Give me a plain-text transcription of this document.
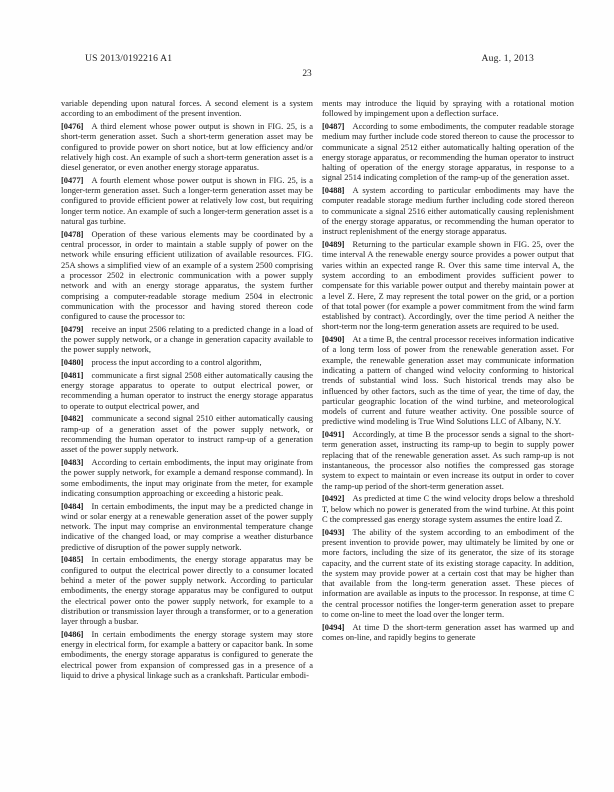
US 2013/0192216 A1	Aug. 1, 2013
23

variable depending upon natural forces. A second element is a system according to an embodiment of the present invention.

[0476] A third element whose power output is shown in FIG. 25, is a short-term generation asset. Such a short-term generation asset may be configured to provide power on short notice, but at low efficiency and/or relatively high cost. An example of such a short-term generation asset is a diesel generator, or even another energy storage apparatus.

[0477] A fourth element whose power output is shown in FIG. 25, is a longer-term generation asset. Such a longer-term generation asset may be configured to provide efficient power at relatively low cost, but requiring longer term notice. An example of such a longer-term generation asset is a natural gas turbine.

[0478] Operation of these various elements may be coordinated by a central processor, in order to maintain a stable supply of power on the network while ensuring efficient utilization of available resources. FIG. 25A shows a simplified view of an example of a system 2500 comprising a processor 2502 in electronic communication with a power supply network and with an energy storage apparatus, the system further comprising a computer-readable storage medium 2504 in electronic communication with the processor and having stored thereon code configured to cause the processor to:

[0479] receive an input 2506 relating to a predicted change in a load of the power supply network, or a change in generation capacity available to the power supply network,

[0480] process the input according to a control algorithm,

[0481] communicate a first signal 2508 either automatically causing the energy storage apparatus to operate to output electrical power, or recommending a human operator to instruct the energy storage apparatus to operate to output electrical power, and

[0482] communicate a second signal 2510 either automatically causing ramp-up of a generation asset of the power supply network, or recommending the human operator to instruct ramp-up of a generation asset of the power supply network.

[0483] According to certain embodiments, the input may originate from the power supply network, for example a demand response command). In some embodiments, the input may originate from the meter, for example indicating consumption approaching or exceeding a historic peak.

[0484] In certain embodiments, the input may be a predicted change in wind or solar energy at a renewable generation asset of the power supply network. The input may comprise an environmental temperature change indicative of the changed load, or may comprise a weather disturbance predictive of disruption of the power supply network.

[0485] In certain embodiments, the energy storage apparatus may be configured to output the electrical power directly to a consumer located behind a meter of the power supply network. According to particular embodiments, the energy storage apparatus may be configured to output the electrical power onto the power supply network, for example to a distribution or transmission layer through a transformer, or to a generation layer through a busbar.

[0486] In certain embodiments the energy storage system may store energy in electrical form, for example a battery or capacitor bank. In some embodiments, the energy storage apparatus is configured to generate the electrical power from expansion of compressed gas in a presence of a liquid to drive a physical linkage such as a crankshaft. Particular embodi-

ments may introduce the liquid by spraying with a rotational motion followed by impingement upon a deflection surface.

[0487] According to some embodiments, the computer readable storage medium may further include code stored thereon to cause the processor to communicate a signal 2512 either automatically halting operation of the energy storage apparatus, or recommending the human operator to instruct halting of operation of the energy storage apparatus, in response to a signal 2514 indicating completion of the ramp-up of the generation asset.

[0488] A system according to particular embodiments may have the computer readable storage medium further including code stored thereon to communicate a signal 2516 either automatically causing replenishment of the energy storage apparatus, or recommending the human operator to instruct replenishment of the energy storage apparatus.

[0489] Returning to the particular example shown in FIG. 25, over the time interval A the renewable energy source provides a power output that varies within an expected range R. Over this same time interval A, the system according to an embodiment provides sufficient power to compensate for this variable power output and thereby maintain power at a level Z. Here, Z may represent the total power on the grid, or a portion of that total power (for example a power commitment from the wind farm established by contract). Accordingly, over the time period A neither the short-term nor the long-term generation assets are required to be used.

[0490] At a time B, the central processor receives information indicative of a long term loss of power from the renewable generation asset. For example, the renewable generation asset may communicate information indicating a pattern of changed wind velocity conforming to historical trends of substantial wind loss. Such historical trends may also be influenced by other factors, such as the time of year, the time of day, the particular geographic location of the wind turbine, and meteorological models of current and future weather activity. One possible source of predictive wind modeling is True Wind Solutions LLC of Albany, N.Y.

[0491] Accordingly, at time B the processor sends a signal to the short-term generation asset, instructing its ramp-up to begin to supply power replacing that of the renewable generation asset. As such ramp-up is not instantaneous, the processor also notifies the compressed gas storage system to expect to maintain or even increase its output in order to cover the ramp-up period of the short-term generation asset.

[0492] As predicted at time C the wind velocity drops below a threshold T, below which no power is generated from the wind turbine. At this point C the compressed gas energy storage system assumes the entire load Z.

[0493] The ability of the system according to an embodiment of the present invention to provide power, may ultimately be limited by one or more factors, including the size of its generator, the size of its storage capacity, and the current state of its existing storage capacity. In addition, the system may provide power at a certain cost that may be higher than that available from the long-term generation asset. These pieces of information are available as inputs to the processor. In response, at time C the central processor notifies the longer-term generation asset to prepare to come on-line to meet the load over the longer term.

[0494] At time D the short-term generation asset has warmed up and comes on-line, and rapidly begins to generate
